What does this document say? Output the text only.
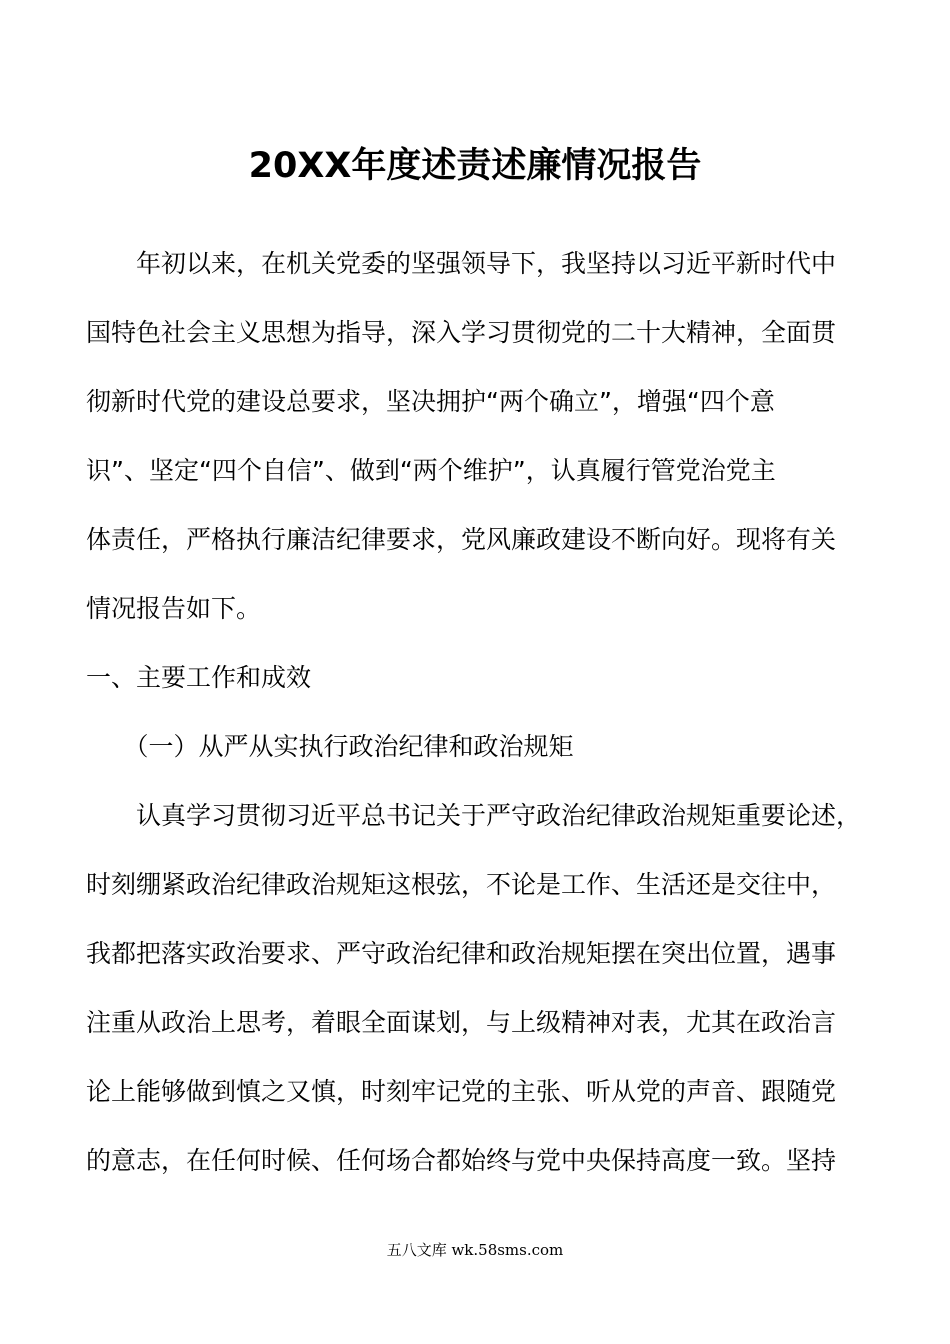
20XX年度述责述廉情况报告

　　年初以来，在机关党委的坚强领导下，我坚持以习近平新时代中

国特色社会主义思想为指导，深入学习贯彻党的二十大精神，全面贯

彻新时代党的建设总要求，坚决拥护“两个确立”，增强“四个意

识”、坚定“四个自信”、做到“两个维护”，认真履行管党治党主

体责任，严格执行廉洁纪律要求，党风廉政建设不断向好。现将有关

情况报告如下。

一、主要工作和成效

　　（一）从严从实执行政治纪律和政治规矩

　　认真学习贯彻习近平总书记关于严守政治纪律政治规矩重要论述，

时刻绷紧政治纪律政治规矩这根弦，不论是工作、生活还是交往中，

我都把落实政治要求、严守政治纪律和政治规矩摆在突出位置，遇事

注重从政治上思考，着眼全面谋划，与上级精神对表，尤其在政治言

论上能够做到慎之又慎，时刻牢记党的主张、听从党的声音、跟随党

的意志，在任何时候、任何场合都始终与党中央保持高度一致。坚持

五八文库 wk.58sms.com
